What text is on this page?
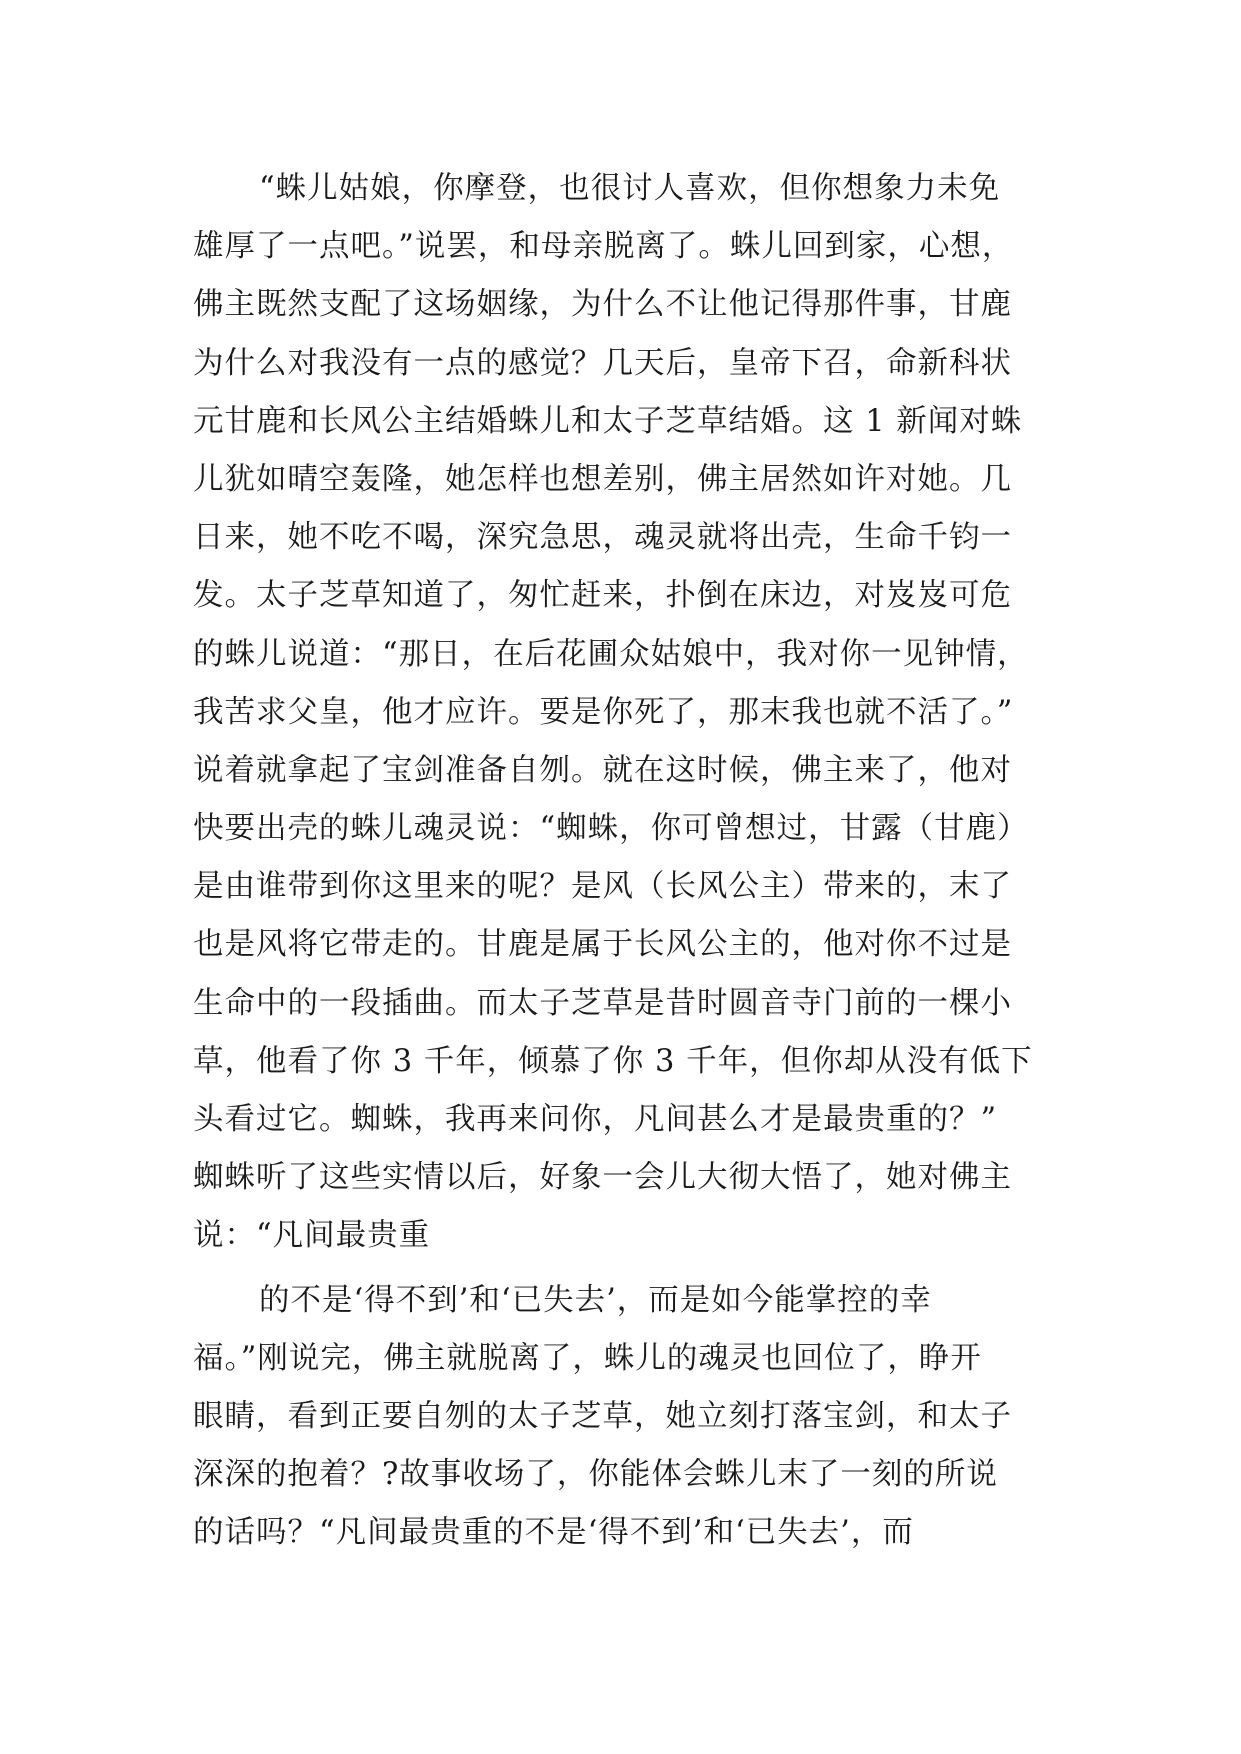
“蛛儿姑娘，你摩登，也很讨人喜欢，但你想象力未免
雄厚了一点吧。”说罢，和母亲脱离了。蛛儿回到家，心想，
佛主既然支配了这场姻缘，为什么不让他记得那件事，甘鹿
为什么对我没有一点的感觉？几天后，皇帝下召，命新科状
元甘鹿和长风公主结婚蛛儿和太子芝草结婚。这 1 新闻对蛛
儿犹如晴空轰隆，她怎样也想差别，佛主居然如许对她。几
日来，她不吃不喝，深究急思，魂灵就将出壳，生命千钧一
发。太子芝草知道了，匆忙赶来，扑倒在床边，对岌岌可危
的蛛儿说道：“那日，在后花圃众姑娘中，我对你一见钟情，
我苦求父皇，他才应许。要是你死了，那末我也就不活了。”
说着就拿起了宝剑准备自刎。就在这时候，佛主来了，他对
快要出壳的蛛儿魂灵说：“蜘蛛，你可曾想过，甘露（甘鹿）
是由谁带到你这里来的呢？是风（长风公主）带来的，末了
也是风将它带走的。甘鹿是属于长风公主的，他对你不过是
生命中的一段插曲。而太子芝草是昔时圆音寺门前的一棵小
草，他看了你 3 千年，倾慕了你 3 千年，但你却从没有低下
头看过它。蜘蛛，我再来问你，凡间甚么才是最贵重的？”
蜘蛛听了这些实情以后，好象一会儿大彻大悟了，她对佛主
说：“凡间最贵重
的不是‘得不到’和‘已失去’，而是如今能掌控的幸
福。”刚说完，佛主就脱离了，蛛儿的魂灵也回位了，睁开
眼睛，看到正要自刎的太子芝草，她立刻打落宝剑，和太子
深深的抱着？?故事收场了，你能体会蛛儿末了一刻的所说
的话吗？“凡间最贵重的不是‘得不到’和‘已失去’，而
